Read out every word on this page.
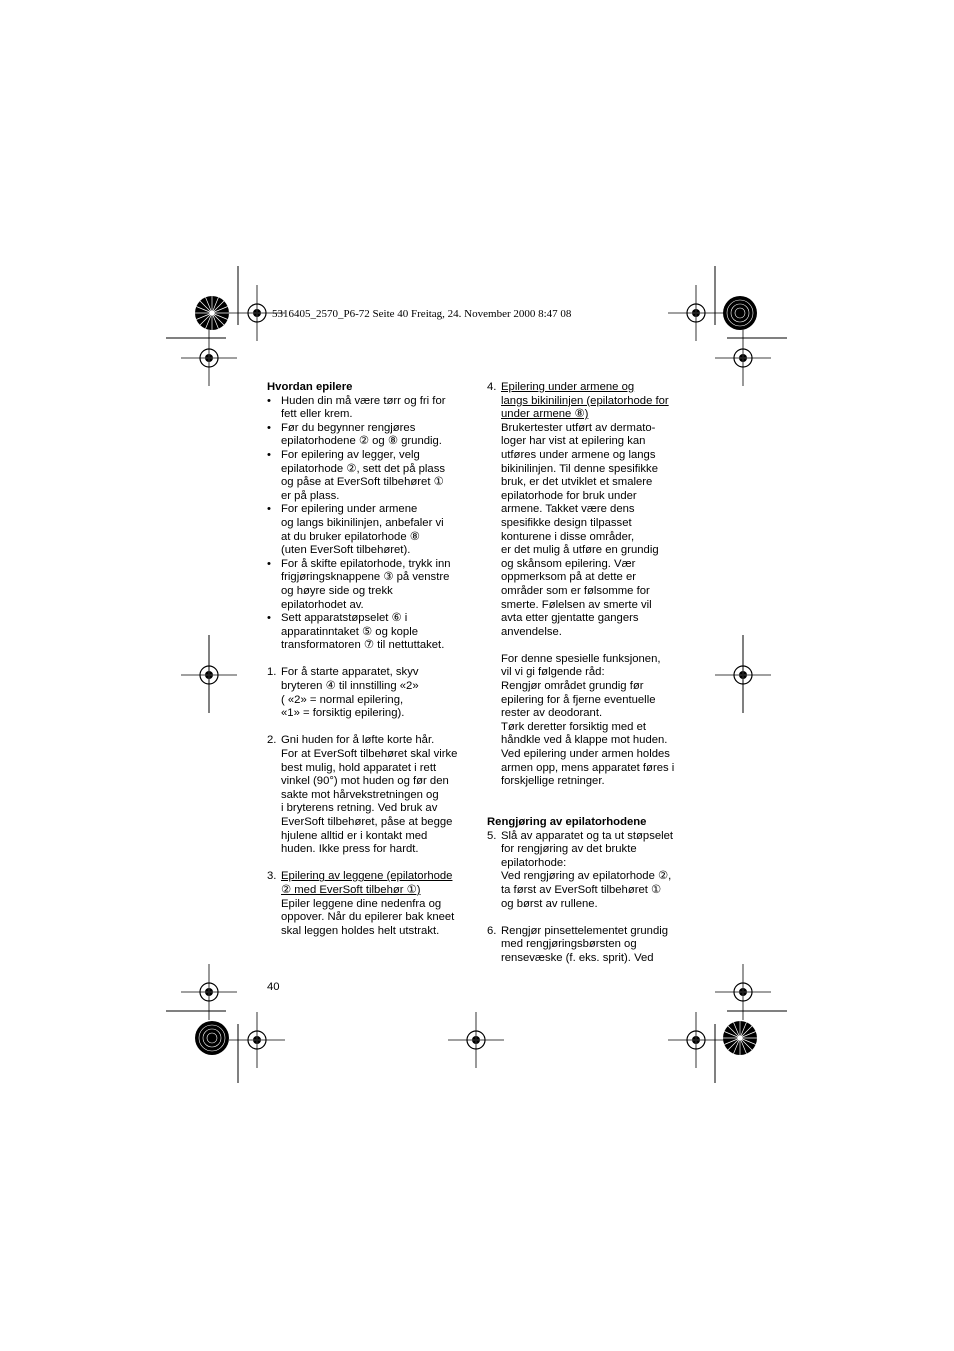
5316405_2570_P6-72 Seite 40 Freitag, 24. November 2000 8:47 08
Hvordan epilere
• Huden din må være tørr og fri for
fett eller krem.
• Før du begynner rengjøres
epilatorhodene ② og ⑧ grundig.
• For epilering av legger, velg
epilatorhode ②, sett det på plass
og påse at EverSoft tilbehøret ①
er på plass.
• For epilering under armene
og langs bikinilinjen, anbefaler vi
at du bruker epilatorhode ⑧
(uten EverSoft tilbehøret).
• For å skifte epilatorhode, trykk inn
frigjøringsknappene ③ på venstre
og høyre side og trekk
epilatorhodet av.
• Sett apparatstøpselet ⑥ i
apparatinntaket ⑤ og kople
transformatoren ⑦ til nettuttaket.
1. For å starte apparatet, skyv
bryteren ④ til innstilling «2»
( «2» = normal epilering,
«1» = forsiktig epilering).
2. Gni huden for å løfte korte hår.
For at EverSoft tilbehøret skal virke
best mulig, hold apparatet i rett
vinkel (90°) mot huden og før den
sakte mot hårvekstretningen og
i bryterens retning. Ved bruk av
EverSoft tilbehøret, påse at begge
hjulene alltid er i kontakt med
huden. Ikke press for hardt.
3. Epilering av leggene (epilatorhode
② med EverSoft tilbehør ①)
Epiler leggene dine nedenfra og
oppover. Når du epilerer bak kneet
skal leggen holdes helt utstrakt.
4. Epilering under armene og
langs bikinilinjen (epilatorhode for
under armene ⑧)
Brukertester utført av dermato-
loger har vist at epilering kan
utføres under armene og langs
bikinilinjen. Til denne spesifikke
bruk, er det utviklet et smalere
epilatorhode for bruk under
armene. Takket være dens
spesifikke design tilpasset
konturene i disse områder,
er det mulig å utføre en grundig
og skånsom epilering. Vær
oppmerksom på at dette er
områder som er følsomme for
smerte. Følelsen av smerte vil
avta etter gjentatte gangers
anvendelse.
For denne spesielle funksjonen,
vil vi gi følgende råd:
Rengjør området grundig før
epilering for å fjerne eventuelle
rester av deodorant.
Tørk deretter forsiktig med et
håndkle ved å klappe mot huden.
Ved epilering under armen holdes
armen opp, mens apparatet føres i
forskjellige retninger.
Rengjøring av epilatorhodene
5. Slå av apparatet og ta ut støpselet
for rengjøring av det brukte
epilatorhode:
Ved rengjøring av epilatorhode ②,
ta først av EverSoft tilbehøret ①
og børst av rullene.
6. Rengjør pinsettelementet grundig
med rengjøringsbørsten og
rensevæske (f. eks. sprit). Ved
40
